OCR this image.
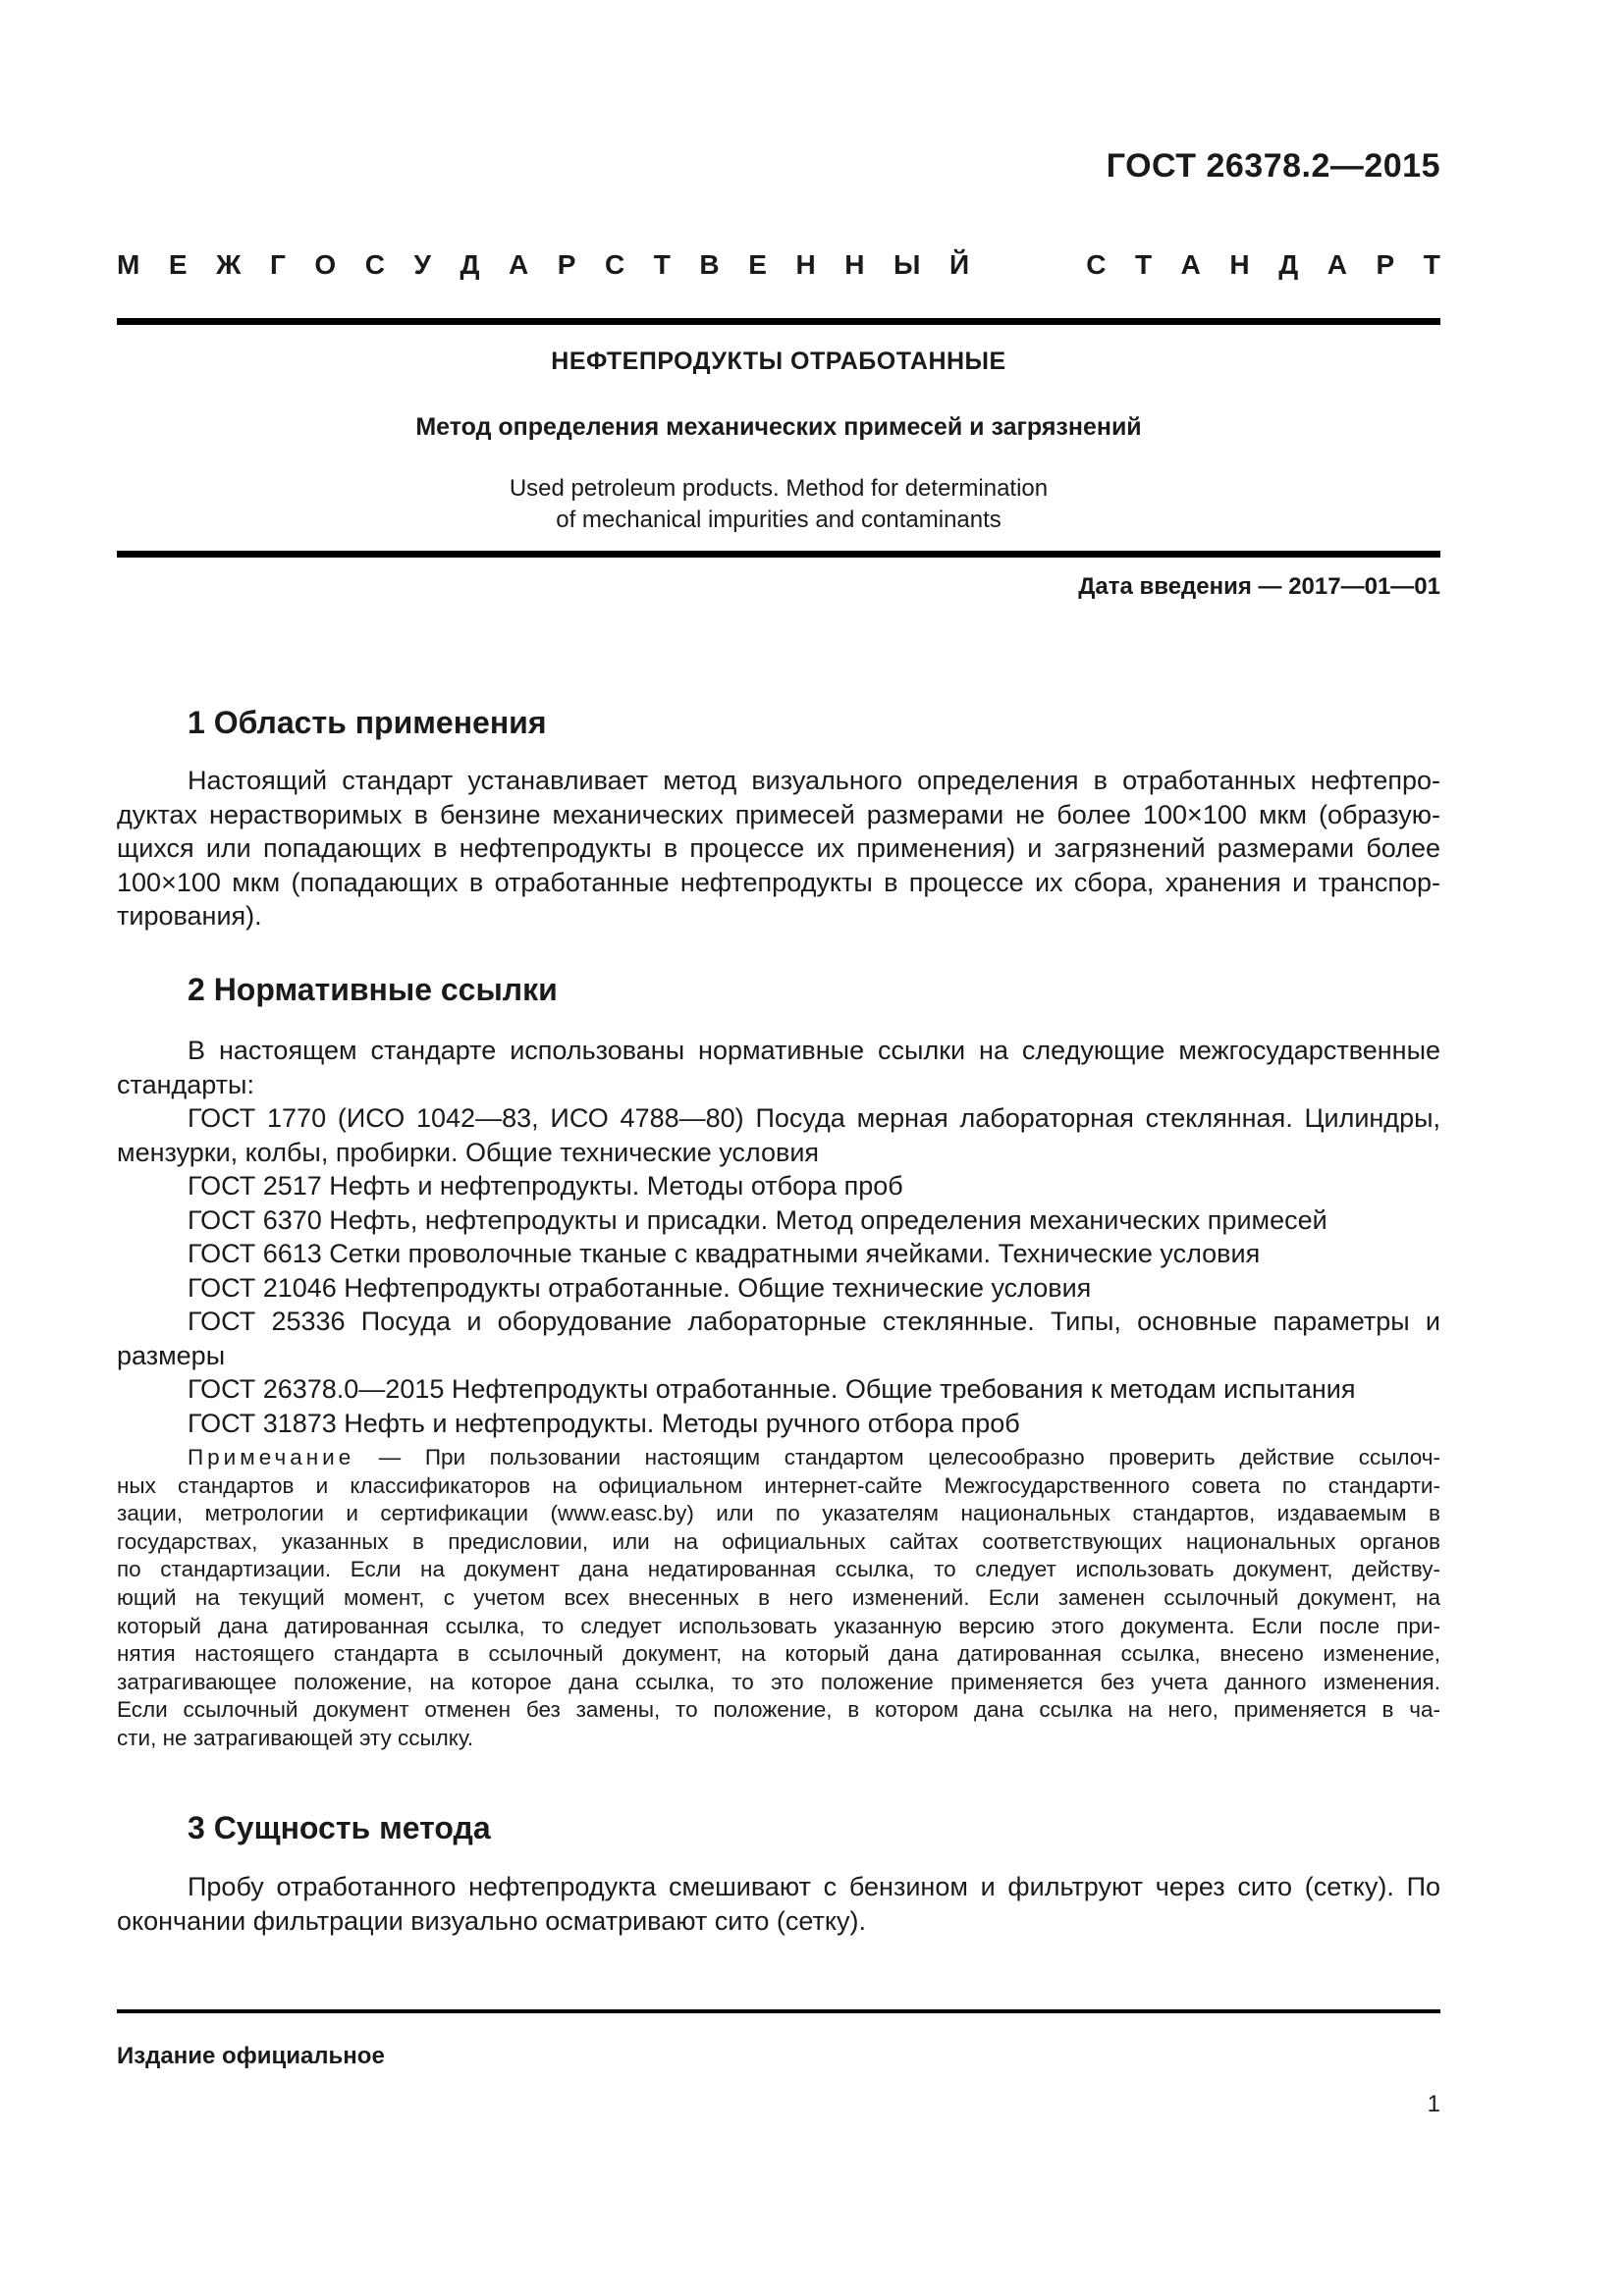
ГОСТ 26378.2—2015
М Е Ж Г О С У Д А Р С Т В Е Н Н Ы Й	С Т А Н Д А Р Т
НЕФТЕПРОДУКТЫ ОТРАБОТАННЫЕ
Метод определения механических примесей и загрязнений
Used petroleum products. Method for determination
of mechanical impurities and contaminants
Дата введения — 2017—01—01
1 Область применения
Настоящий стандарт устанавливает метод визуального определения в отработанных нефтепро-
дуктах нерастворимых в бензине механических примесей размерами не более 100×100 мкм (образую-
щихся или попадающих в нефтепродукты в процессе их применения) и загрязнений размерами более
100×100 мкм (попадающих в отработанные нефтепродукты в процессе их сбора, хранения и транспор-
тирования).
2 Нормативные ссылки
В настоящем стандарте использованы нормативные ссылки на следующие межгосударственные
стандарты:
ГОСТ 1770 (ИСО 1042—83, ИСО 4788—80) Посуда мерная лабораторная стеклянная. Цилиндры,
мензурки, колбы, пробирки. Общие технические условия
ГОСТ 2517 Нефть и нефтепродукты. Методы отбора проб
ГОСТ 6370 Нефть, нефтепродукты и присадки. Метод определения механических примесей
ГОСТ 6613 Сетки проволочные тканые с квадратными ячейками. Технические условия
ГОСТ 21046 Нефтепродукты отработанные. Общие технические условия
ГОСТ 25336 Посуда и оборудование лабораторные стеклянные. Типы, основные параметры и
размеры
ГОСТ 26378.0—2015 Нефтепродукты отработанные. Общие требования к методам испытания
ГОСТ 31873 Нефть и нефтепродукты. Методы ручного отбора проб
Примечание — При пользовании настоящим стандартом целесообразно проверить действие ссылоч-
ных стандартов и классификаторов на официальном интернет-сайте Межгосударственного совета по стандарти-
зации, метрологии и сертификации (www.easc.by) или по указателям национальных стандартов, издаваемым в
государствах, указанных в предисловии, или на официальных сайтах соответствующих национальных органов
по стандартизации. Если на документ дана недатированная ссылка, то следует использовать документ, действу-
ющий на текущий момент, с учетом всех внесенных в него изменений. Если заменен ссылочный документ, на
который дана датированная ссылка, то следует использовать указанную версию этого документа. Если после при-
нятия настоящего стандарта в ссылочный документ, на который дана датированная ссылка, внесено изменение,
затрагивающее положение, на которое дана ссылка, то это положение применяется без учета данного изменения.
Если ссылочный документ отменен без замены, то положение, в котором дана ссылка на него, применяется в ча-
сти, не затрагивающей эту ссылку.
3 Сущность метода
Пробу отработанного нефтепродукта смешивают с бензином и фильтруют через сито (сетку). По
окончании фильтрации визуально осматривают сито (сетку).
Издание официальное
1
